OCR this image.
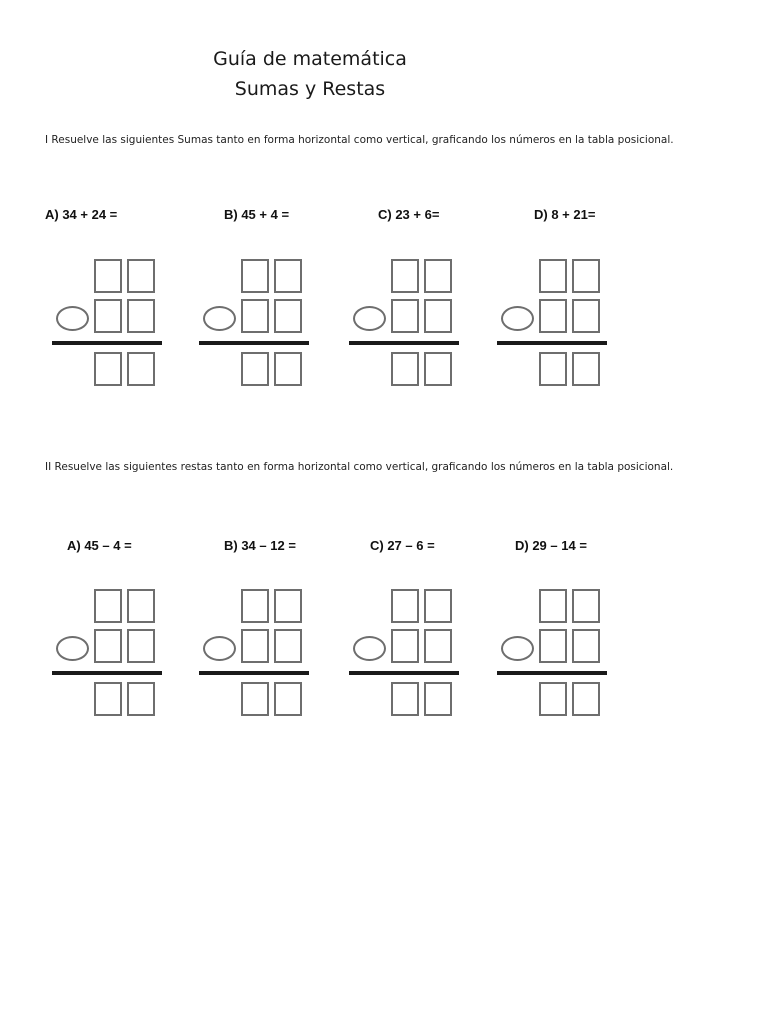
Guía de matemática
Sumas y Restas
I Resuelve las siguientes Sumas tanto en forma horizontal como vertical, graficando los números en la tabla posicional.
A) 34 + 24 =	B) 45 + 4 =	C) 23 + 6=	D) 8 + 21=
II Resuelve las siguientes restas tanto en forma horizontal como vertical, graficando los números en la tabla posicional.
A) 45 – 4 =	B) 34 – 12 =	C) 27 – 6 =	D) 29 – 14 =
